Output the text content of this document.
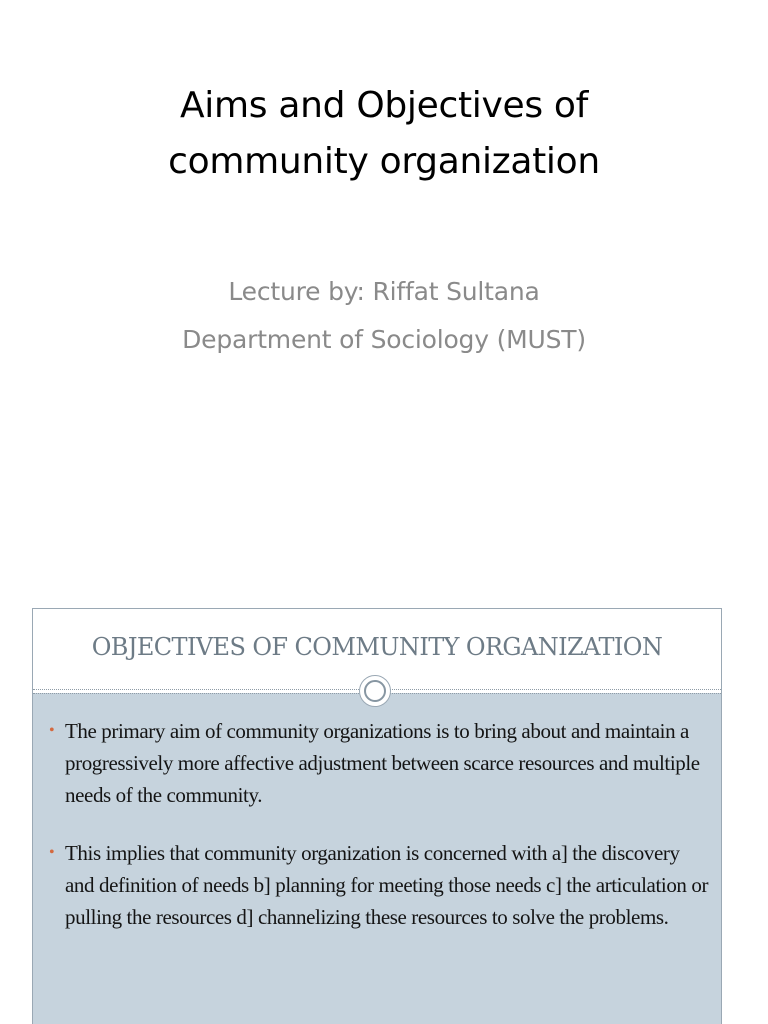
Aims and Objectives of
community organization
Lecture by: Riffat Sultana
Department of Sociology (MUST)
OBJECTIVES OF COMMUNITY ORGANIZATION
• The primary aim of community organizations is to bring about and maintain a progressively more affective adjustment between scarce resources and multiple needs of the community.
• This implies that community organization is concerned with a] the discovery and definition of needs b] planning for meeting those needs c] the articulation or pulling the resources d] channelizing these resources to solve the problems.
